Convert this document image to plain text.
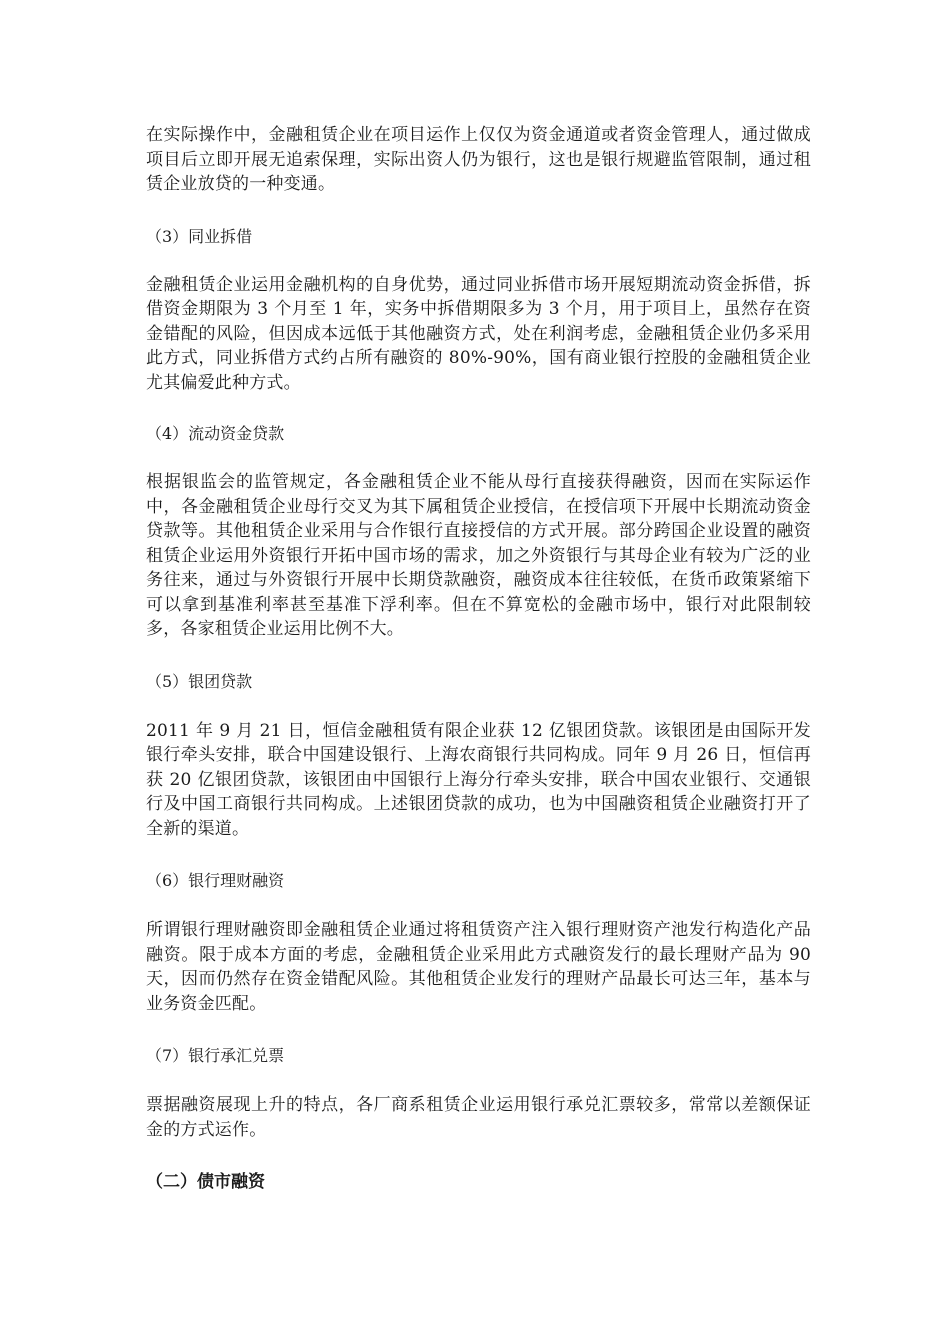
在实际操作中，金融租赁企业在项目运作上仅仅为资金通道或者资金管理人，通过做成项目后立即开展无追索保理，实际出资人仍为银行，这也是银行规避监管限制，通过租赁企业放贷的一种变通。

（3）同业拆借

金融租赁企业运用金融机构的自身优势，通过同业拆借市场开展短期流动资金拆借，拆借资金期限为 3 个月至 1 年，实务中拆借期限多为 3 个月，用于项目上，虽然存在资金错配的风险，但因成本远低于其他融资方式，处在利润考虑，金融租赁企业仍多采用此方式，同业拆借方式约占所有融资的 80%-90%，国有商业银行控股的金融租赁企业尤其偏爱此种方式。

（4）流动资金贷款

根据银监会的监管规定，各金融租赁企业不能从母行直接获得融资，因而在实际运作中，各金融租赁企业母行交叉为其下属租赁企业授信，在授信项下开展中长期流动资金贷款等。其他租赁企业采用与合作银行直接授信的方式开展。部分跨国企业设置的融资租赁企业运用外资银行开拓中国市场的需求，加之外资银行与其母企业有较为广泛的业务往来，通过与外资银行开展中长期贷款融资，融资成本往往较低，在货币政策紧缩下可以拿到基准利率甚至基准下浮利率。但在不算宽松的金融市场中，银行对此限制较多，各家租赁企业运用比例不大。

（5）银团贷款

2011 年 9 月 21 日，恒信金融租赁有限企业获 12 亿银团贷款。该银团是由国际开发银行牵头安排，联合中国建设银行、上海农商银行共同构成。同年 9 月 26 日，恒信再获 20 亿银团贷款，该银团由中国银行上海分行牵头安排，联合中国农业银行、交通银行及中国工商银行共同构成。上述银团贷款的成功，也为中国融资租赁企业融资打开了全新的渠道。

（6）银行理财融资

所谓银行理财融资即金融租赁企业通过将租赁资产注入银行理财资产池发行构造化产品融资。限于成本方面的考虑，金融租赁企业采用此方式融资发行的最长理财产品为 90 天，因而仍然存在资金错配风险。其他租赁企业发行的理财产品最长可达三年，基本与业务资金匹配。

（7）银行承汇兑票

票据融资展现上升的特点，各厂商系租赁企业运用银行承兑汇票较多，常常以差额保证金的方式运作。

（二）债市融资
